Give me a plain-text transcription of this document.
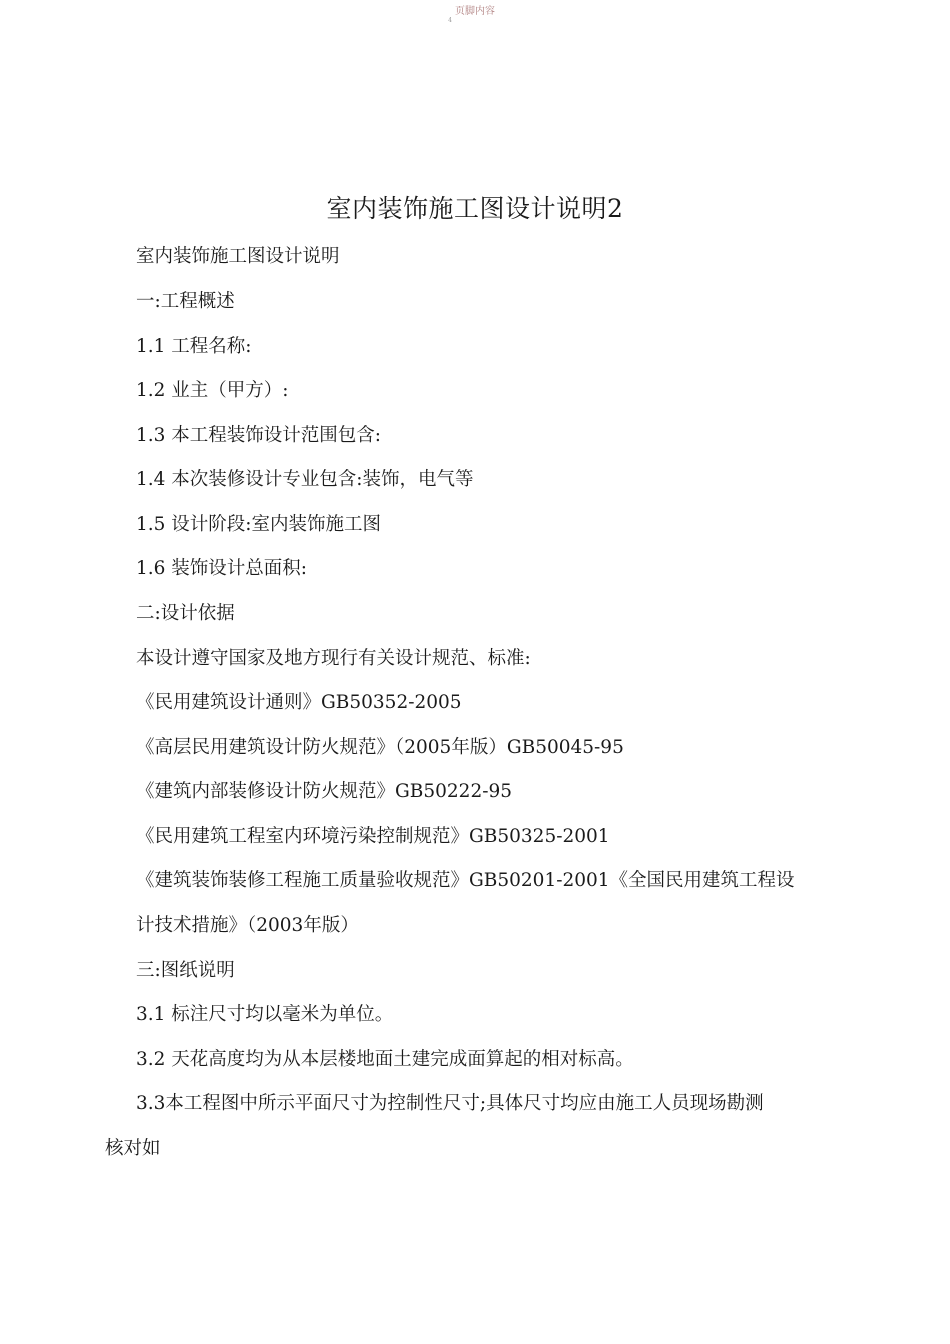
页脚内容
4
室内装饰施工图设计说明2
室内装饰施工图设计说明
一:工程概述
1.1 工程名称:
1.2 业主（甲方）:
1.3 本工程装饰设计范围包含:
1.4 本次装修设计专业包含:装饰，电气等
1.5 设计阶段:室内装饰施工图
1.6 装饰设计总面积:
二:设计依据
本设计遵守国家及地方现行有关设计规范、标准:
《民用建筑设计通则》GB50352-2005
《高层民用建筑设计防火规范》（2005年版）GB50045-95
《建筑内部装修设计防火规范》GB50222-95
《民用建筑工程室内环境污染控制规范》GB50325-2001
《建筑装饰装修工程施工质量验收规范》GB50201-2001《全国民用建筑工程设
计技术措施》（2003年版）
三:图纸说明
3.1 标注尺寸均以毫米为单位。
3.2 天花高度均为从本层楼地面土建完成面算起的相对标高。
3.3本工程图中所示平面尺寸为控制性尺寸;具体尺寸均应由施工人员现场勘测
核对如
